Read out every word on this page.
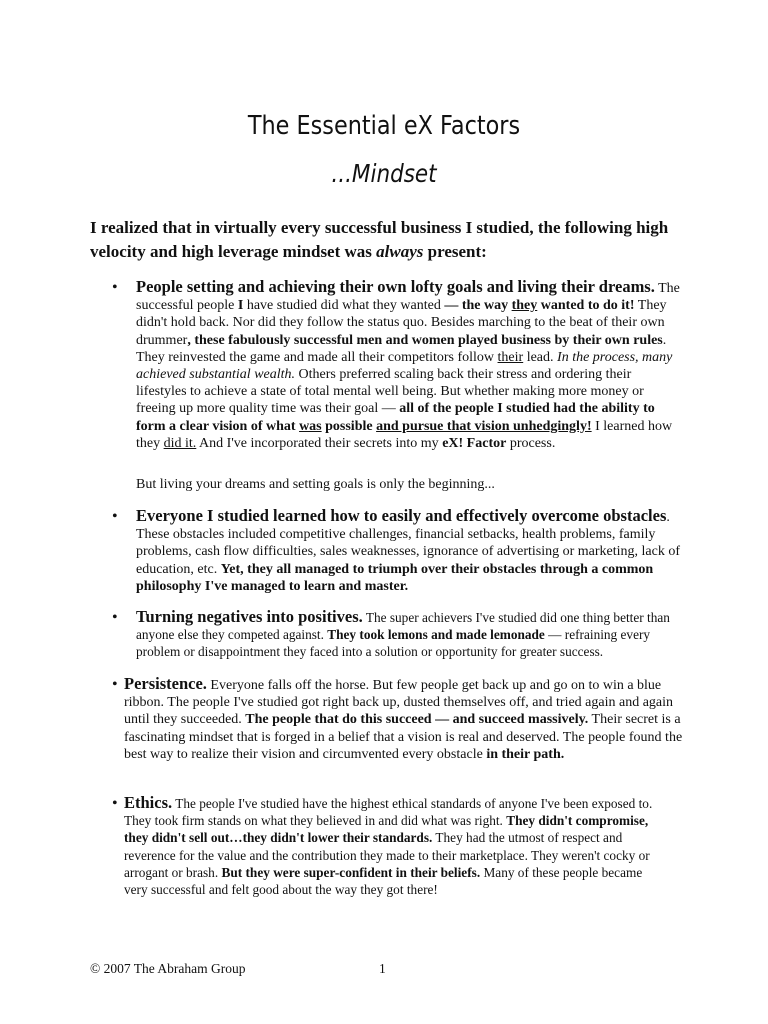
The Essential eX Factors
...Mindset

I realized that in virtually every successful business I studied, the following high velocity and high leverage mindset was always present:

• People setting and achieving their own lofty goals and living their dreams. The successful people I have studied did what they wanted — the way they wanted to do it! They didn't hold back. Nor did they follow the status quo. Besides marching to the beat of their own drummer, these fabulously successful men and women played business by their own rules. They reinvested the game and made all their competitors follow their lead. In the process, many achieved substantial wealth. Others preferred scaling back their stress and ordering their lifestyles to achieve a state of total mental well being. But whether making more money or freeing up more quality time was their goal — all of the people I studied had the ability to form a clear vision of what was possible and pursue that vision unhedgingly! I learned how they did it. And I've incorporated their secrets into my eX! Factor process.

But living your dreams and setting goals is only the beginning...

• Everyone I studied learned how to easily and effectively overcome obstacles. These obstacles included competitive challenges, financial setbacks, health problems, family problems, cash flow difficulties, sales weaknesses, ignorance of advertising or marketing, lack of education, etc. Yet, they all managed to triumph over their obstacles through a common philosophy I've managed to learn and master.

• Turning negatives into positives. The super achievers I've studied did one thing better than anyone else they competed against. They took lemons and made lemonade — refraining every problem or disappointment they faced into a solution or opportunity for greater success.

• Persistence. Everyone falls off the horse. But few people get back up and go on to win a blue ribbon. The people I've studied got right back up, dusted themselves off, and tried again and again until they succeeded. The people that do this succeed — and succeed massively. Their secret is a fascinating mindset that is forged in a belief that a vision is real and deserved. The people found the best way to realize their vision and circumvented every obstacle in their path.

• Ethics. The people I've studied have the highest ethical standards of anyone I've been exposed to. They took firm stands on what they believed in and did what was right. They didn't compromise, they didn't sell out…they didn't lower their standards. They had the utmost of respect and reverence for the value and the contribution they made to their marketplace. They weren't cocky or arrogant or brash. But they were super-confident in their beliefs. Many of these people became very successful and felt good about the way they got there!

© 2007 The Abraham Group	1
